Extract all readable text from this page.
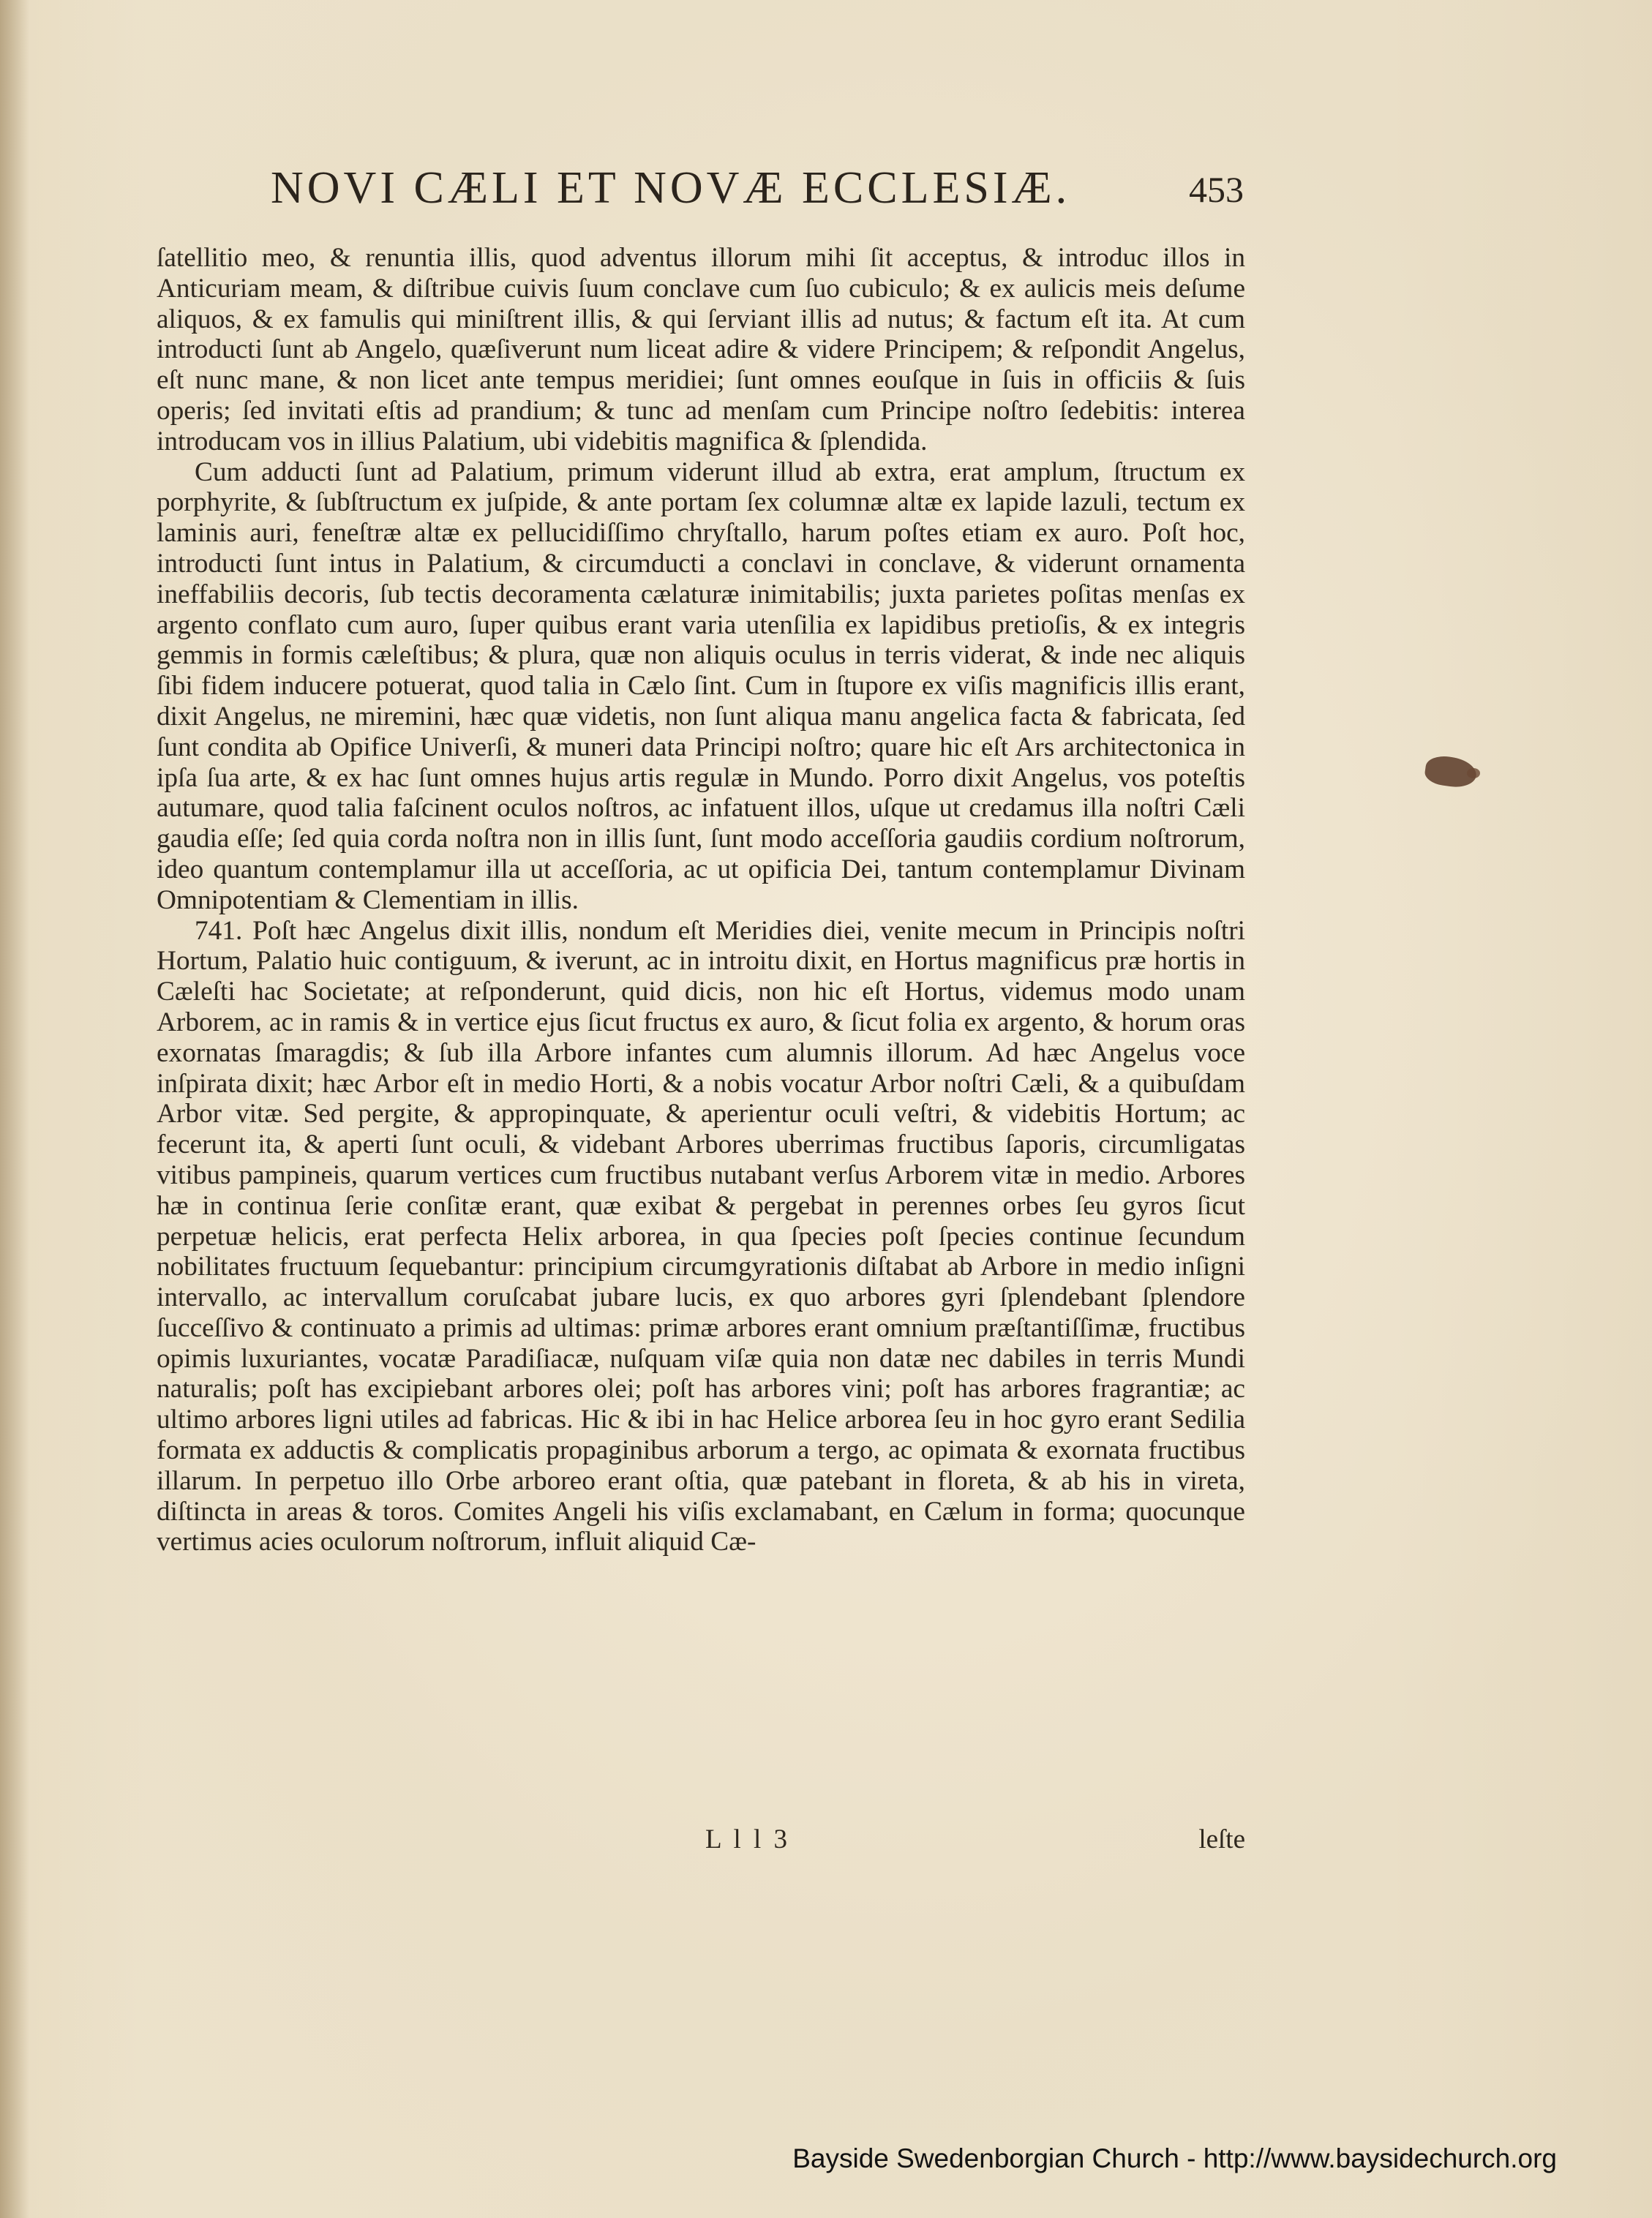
NOVI CÆLI ET NOVÆ ECCLESIÆ.	453

ſatellitio meo, & renuntia illis, quod adventus illorum mihi ſit acceptus, & introduc illos in Anticuriam meam, & diſtribue cuivis ſuum conclave cum ſuo cubiculo; & ex aulicis meis deſume aliquos, & ex famulis qui miniſtrent illis, & qui ſerviant illis ad nutus; & factum eſt ita. At cum introducti ſunt ab Angelo, quæſiverunt num liceat adire & videre Principem; & reſpondit Angelus, eſt nunc mane, & non licet ante tempus meridiei; ſunt omnes eouſque in ſuis in officiis & ſuis operis; ſed invitati eſtis ad prandium; & tunc ad menſam cum Principe noſtro ſedebitis: interea introducam vos in illius Palatium, ubi videbitis magnifica & ſplendida.

Cum adducti ſunt ad Palatium, primum viderunt illud ab extra, erat amplum, ſtructum ex porphyrite, & ſubſtructum ex juſpide, & ante portam ſex columnæ altæ ex lapide lazuli, tectum ex laminis auri, feneſtræ altæ ex pelluсidiſſimo chryſtallo, harum poſtes etiam ex auro. Poſt hoc, introducti ſunt intus in Palatium, & circumducti a conclavi in conclave, & viderunt ornamenta ineffabiliis decoris, ſub tectis decoramenta cælaturæ inimitabilis; juxta parietes poſitas menſas ex argento conflato cum auro, ſuper quibus erant varia utenſilia ex lapidibus pretioſis, & ex integris gemmis in formis cæleſtibus; & plura, quæ non aliquis oculus in terris viderat, & inde nec aliquis ſibi fidem inducere potuerat, quod talia in Cælo ſint. Cum in ſtupore ex viſis magnificis illis erant, dixit Angelus, ne miremini, hæc quæ videtis, non ſunt aliqua manu angelica facta & fabricata, ſed ſunt condita ab Opifice Univerſi, & muneri data Principi noſtro; quare hic eſt Ars architectonica in ipſa ſua arte, & ex hac ſunt omnes hujus artis regulæ in Mundo. Porro dixit Angelus, vos poteſtis autumare, quod talia faſcinent oculos noſtros, ac infatuent illos, uſque ut credamus illa noſtri Cæli gaudia eſſe; ſed quia corda noſtra non in illis ſunt, ſunt modo acceſſoria gaudiis cordium noſtrorum, ideo quantum contemplamur illa ut acceſſoria, ac ut opificia Dei, tantum contemplamur Divinam Omnipotentiam & Clementiam in illis.

741. Poſt hæc Angelus dixit illis, nondum eſt Meridies diei, venite mecum in Principis noſtri Hortum, Palatio huic contiguum, & iverunt, ac in introitu dixit, en Hortus magnificus præ hortis in Cæleſti hac Societate; at reſponderunt, quid dicis, non hic eſt Hortus, videmus modo unam Arborem, ac in ramis & in vertice ejus ſicut fructus ex auro, & ſicut folia ex argento, & horum oras exornatas ſmaragdis; & ſub illa Arbore infantes cum alumnis illorum. Ad hæc Angelus voce inſpirata dixit; hæc Arbor eſt in medio Horti, & a nobis vocatur Arbor noſtri Cæli, & a quibuſdam Arbor vitæ. Sed pergite, & appropinquate, & aperientur oculi veſtri, & videbitis Hortum; ac fecerunt ita, & aperti ſunt oculi, & videbant Arbores uberrimas fructibus ſaporis, circumligatas vitibus pampineis, quarum vertices cum fructibus nutabant verſus Arborem vitæ in medio. Arbores hæ in continua ſerie conſitæ erant, quæ exibat & pergebat in perennes orbes ſeu gyros ſicut perpetuæ helicis, erat perfecta Helix arborea, in qua ſpecies poſt ſpecies continue ſecundum nobilitates fructuum ſequebantur: principium circumgyrationis diſtabat ab Arbore in medio inſigni intervallo, ac intervallum coruſcabat jubare lucis, ex quo arbores gyri ſplendebant ſplendore ſucceſſivo & continuato a primis ad ultimas: primæ arbores erant omnium præſtantiſſimæ, fructibus opimis luxuriantes, vocatæ Paradiſiacæ, nuſquam viſæ quia non datæ nec dabiles in terris Mundi naturalis; poſt has excipiebant arbores olei; poſt has arbores vini; poſt has arbores fragrantiæ; ac ultimo arbores ligni utiles ad fabricas. Hic & ibi in hac Helice arborea ſeu in hoc gyro erant Sedilia formata ex adductis & complicatis propaginibus arborum a tergo, ac opimata & exornata fructibus illarum. In perpetuo illo Orbe arboreo erant oſtia, quæ patebant in floreta, & ab his in vireta, diſtincta in areas & toros. Comites Angeli his viſis exclamabant, en Cælum in forma; quocunque vertimus acies oculorum noſtrorum, influit aliquid Cæ-

L l l 3	leſte
Bayside Swedenborgian Church - http://www.baysidechurch.org
